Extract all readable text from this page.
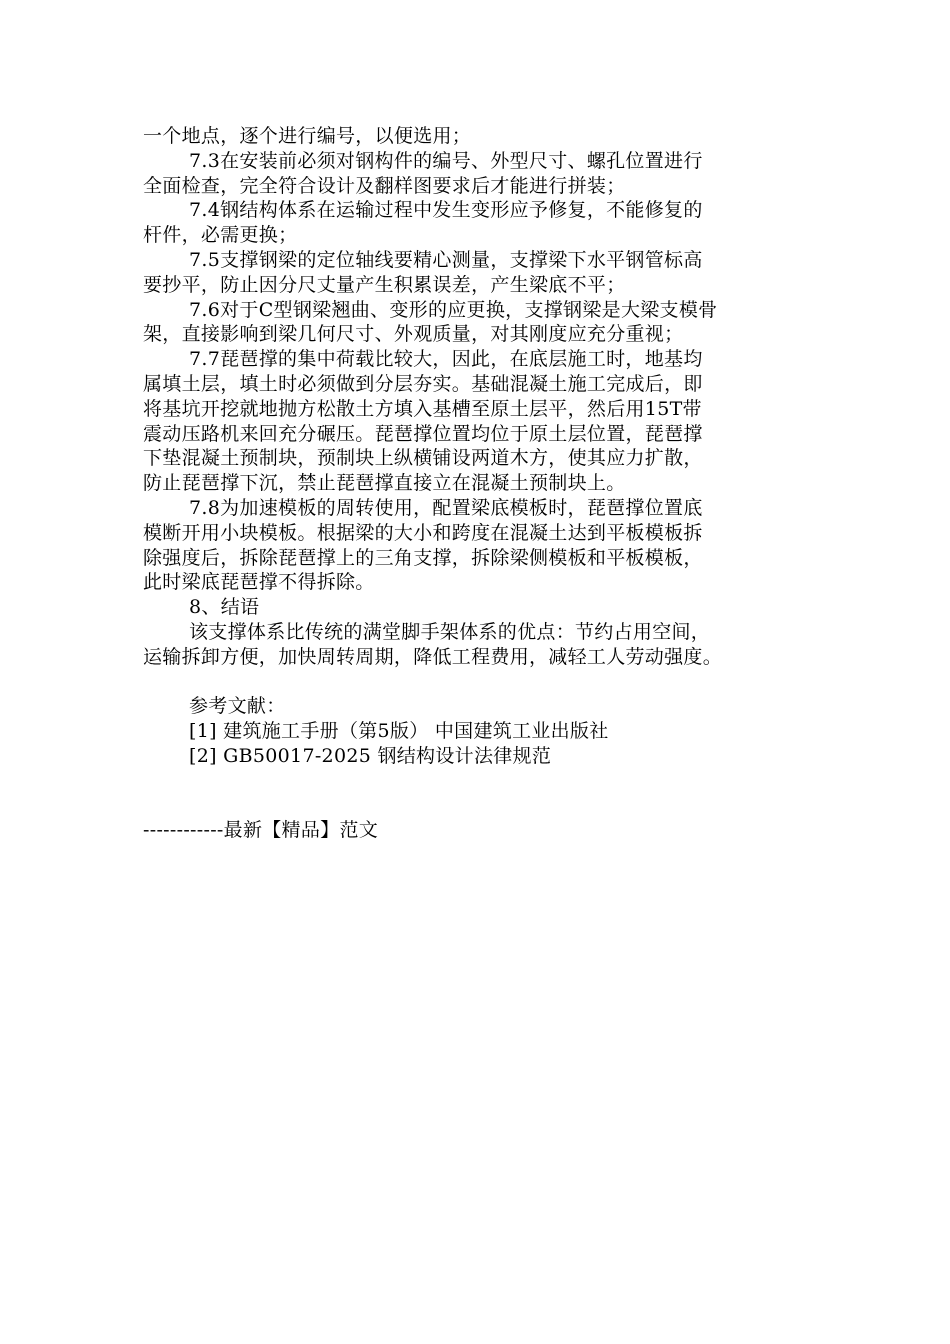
一个地点，逐个进行编号，以便选用；
7.3在安装前必须对钢构件的编号、外型尺寸、螺孔位置进行
全面检查，完全符合设计及翻样图要求后才能进行拼装；
7.4钢结构体系在运输过程中发生变形应予修复，不能修复的
杆件，必需更换；
7.5支撑钢梁的定位轴线要精心测量，支撑梁下水平钢管标高
要抄平，防止因分尺丈量产生积累误差，产生梁底不平；
7.6对于C型钢梁翘曲、变形的应更换，支撑钢梁是大梁支模骨
架，直接影响到梁几何尺寸、外观质量，对其刚度应充分重视；
7.7琵琶撑的集中荷载比较大，因此，在底层施工时，地基均
属填土层，填土时必须做到分层夯实。基础混凝土施工完成后，即
将基坑开挖就地抛方松散土方填入基槽至原土层平，然后用15T带
震动压路机来回充分碾压。琵琶撑位置均位于原土层位置，琵琶撑
下垫混凝土预制块，预制块上纵横铺设两道木方，使其应力扩散，
防止琵琶撑下沉，禁止琵琶撑直接立在混凝土预制块上。
7.8为加速模板的周转使用，配置梁底模板时，琵琶撑位置底
模断开用小块模板。根据梁的大小和跨度在混凝土达到平板模板拆
除强度后，拆除琵琶撑上的三角支撑，拆除梁侧模板和平板模板，
此时梁底琵琶撑不得拆除。
8、结语
该支撑体系比传统的满堂脚手架体系的优点：节约占用空间，
运输拆卸方便，加快周转周期，降低工程费用，减轻工人劳动强度。
参考文献：
[1] 建筑施工手册（第5版） 中国建筑工业出版社
[2] GB50017-2025 钢结构设计法律规范
------------最新【精品】范文
